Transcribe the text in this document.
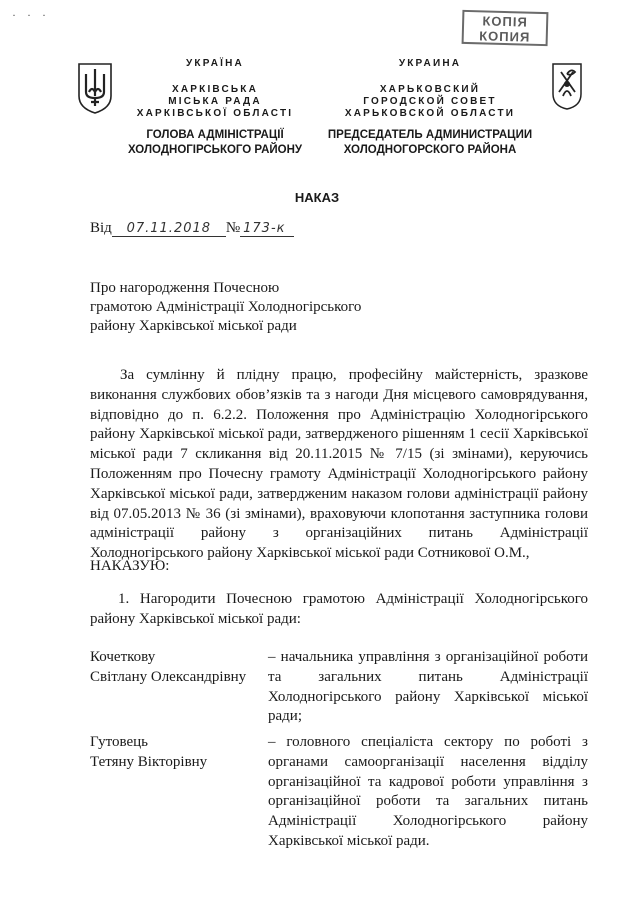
· · ·	КОПІЯ
КОПИЯ
УКРАЇНА
ХАРКІВСЬКА
МІСЬКА РАДА
ХАРКІВСЬКОЇ ОБЛАСТІ
ГОЛОВА АДМІНІСТРАЦІЇ
ХОЛОДНОГІРСЬКОГО РАЙОНУ
УКРАИНА
ХАРЬКОВСКИЙ
ГОРОДСКОЙ СОВЕТ
ХАРЬКОВСКОЙ ОБЛАСТИ
ПРЕДСЕДАТЕЛЬ АДМИНИСТРАЦИИ
ХОЛОДНОГОРСКОГО РАЙОНА
НАКАЗ
Від 07.11.2018 № 173-к
Про нагородження Почесною
грамотою Адміністрації Холодногірського
району Харківської міської ради
За сумлінну й плідну працю, професійну майстерність, зразкове виконання службових обов’язків та з нагоди Дня місцевого самоврядування, відповідно до п. 6.2.2. Положення про Адміністрацію Холодногірського району Харківської міської ради, затвердженого рішенням 1 сесії Харківської міської ради 7 скликання від 20.11.2015 № 7/15 (зі змінами), керуючись Положенням про Почесну грамоту Адміністрації Холодногірського району Харківської міської ради, затвердженим наказом голови адміністрації району від 07.05.2013 № 36 (зі змінами), враховуючи клопотання заступника голови адміністрації району з організаційних питань Адміністрації Холодногірського району Харківської міської ради Сотникової О.М.,
НАКАЗУЮ:
1. Нагородити Почесною грамотою Адміністрації Холодногірського району Харківської міської ради:
Кочеткову
Світлану Олександрівну
– начальника управління з організаційної роботи та загальних питань Адміністрації Холодногірського району Харківської міської ради;
Гутовець
Тетяну Вікторівну
– головного спеціаліста сектору по роботі з органами самоорганізації населення відділу організаційної та кадрової роботи управління з організаційної роботи та загальних питань Адміністрації Холодногірського району Харківської міської ради.
